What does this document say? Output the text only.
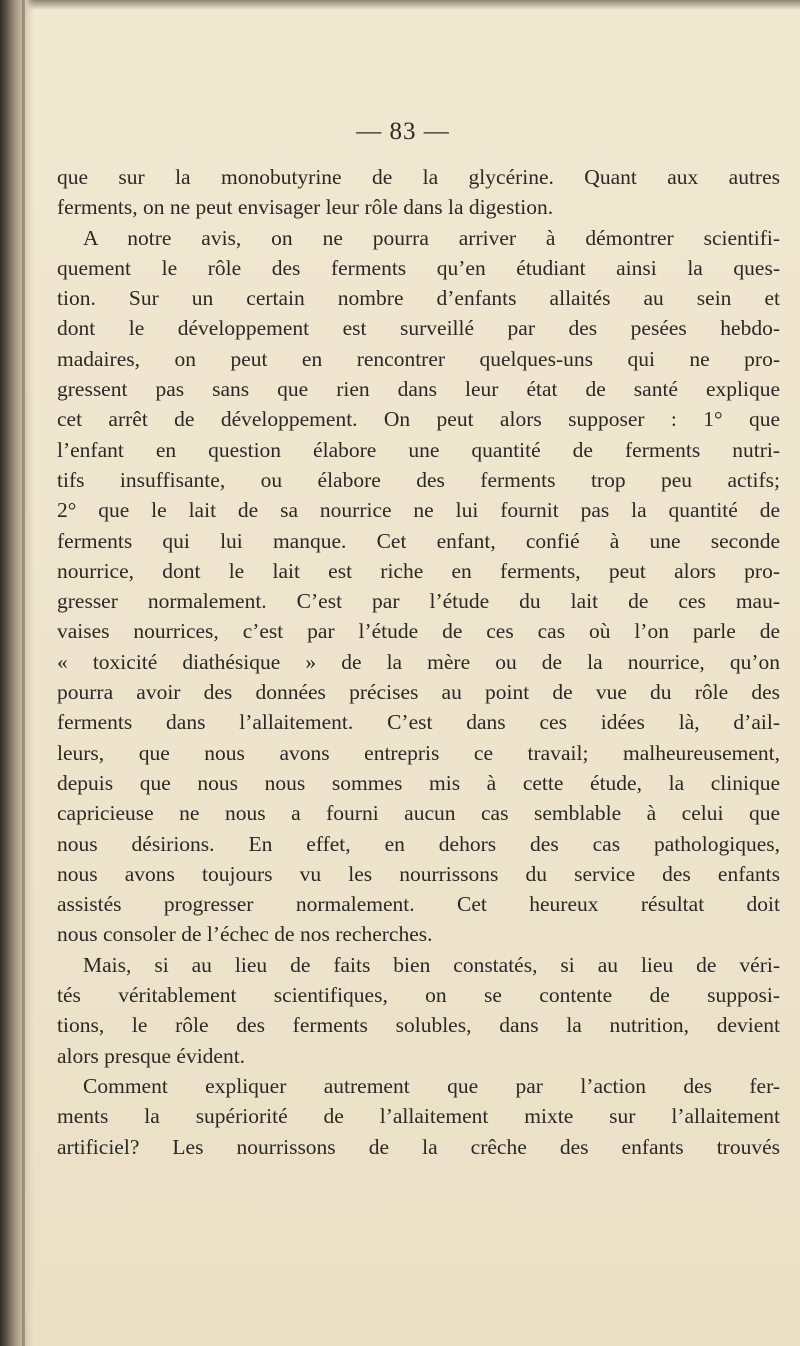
— 83 —
que sur la monobutyrine de la glycérine. Quant aux autres
ferments, on ne peut envisager leur rôle dans la digestion.
A notre avis, on ne pourra arriver à démontrer scientifi-
quement le rôle des ferments qu’en étudiant ainsi la ques-
tion. Sur un certain nombre d’enfants allaités au sein et
dont le développement est surveillé par des pesées hebdo-
madaires, on peut en rencontrer quelques-uns qui ne pro-
gressent pas sans que rien dans leur état de santé explique
cet arrêt de développement. On peut alors supposer : 1° que
l’enfant en question élabore une quantité de ferments nutri-
tifs insuffisante, ou élabore des ferments trop peu actifs;
2° que le lait de sa nourrice ne lui fournit pas la quantité de
ferments qui lui manque. Cet enfant, confié à une seconde
nourrice, dont le lait est riche en ferments, peut alors pro-
gresser normalement. C’est par l’étude du lait de ces mau-
vaises nourrices, c’est par l’étude de ces cas où l’on parle de
« toxicité diathésique » de la mère ou de la nourrice, qu’on
pourra avoir des données précises au point de vue du rôle des
ferments dans l’allaitement. C’est dans ces idées là, d’ail-
leurs, que nous avons entrepris ce travail; malheureusement,
depuis que nous nous sommes mis à cette étude, la clinique
capricieuse ne nous a fourni aucun cas semblable à celui que
nous désirions. En effet, en dehors des cas pathologiques,
nous avons toujours vu les nourrissons du service des enfants
assistés progresser normalement. Cet heureux résultat doit
nous consoler de l’échec de nos recherches.
Mais, si au lieu de faits bien constatés, si au lieu de véri-
tés véritablement scientifiques, on se contente de supposi-
tions, le rôle des ferments solubles, dans la nutrition, devient
alors presque évident.
Comment expliquer autrement que par l’action des fer-
ments la supériorité de l’allaitement mixte sur l’allaitement
artificiel? Les nourrissons de la crêche des enfants trouvés
